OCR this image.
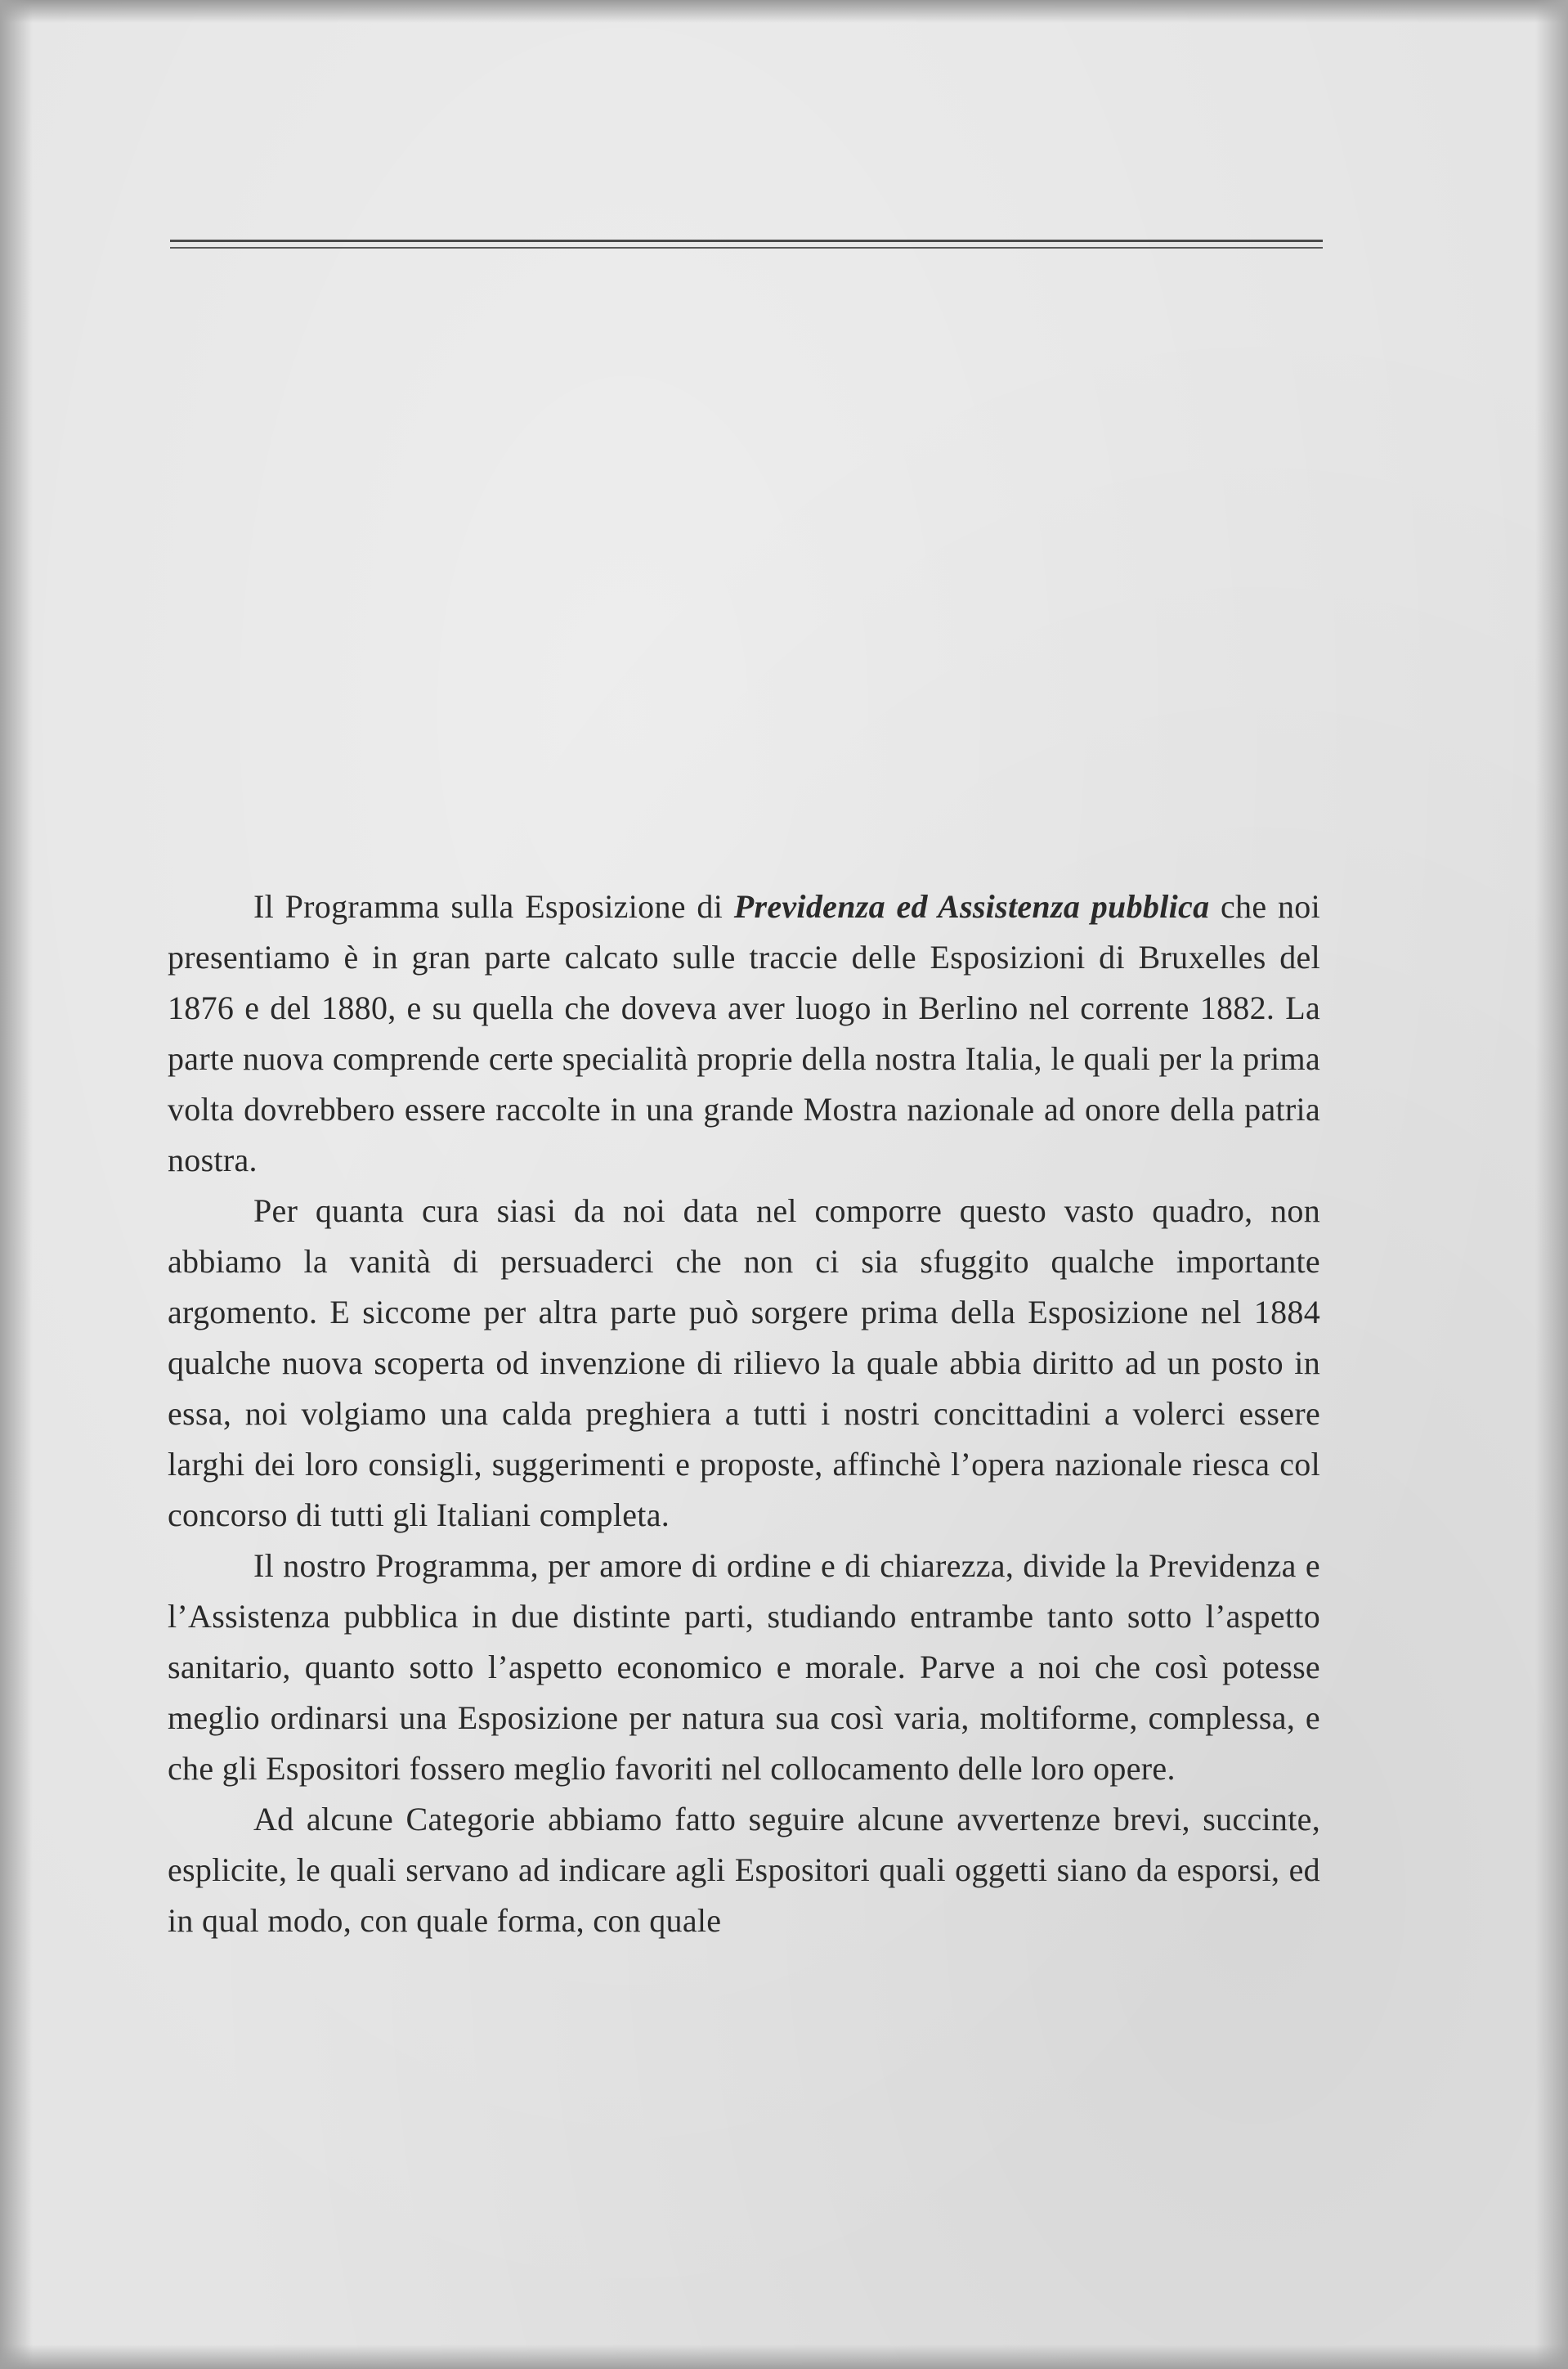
Il Programma sulla Esposizione di Previdenza ed Assistenza pubblica che noi presentiamo è in gran parte calcato sulle traccie delle Esposizioni di Bruxelles del 1876 e del 1880, e su quella che doveva aver luogo in Berlino nel corrente 1882. La parte nuova comprende certe specialità proprie della nostra Italia, le quali per la prima volta dovrebbero essere raccolte in una grande Mostra nazionale ad onore della patria nostra.

Per quanta cura siasi da noi data nel comporre questo vasto quadro, non abbiamo la vanità di persuaderci che non ci sia sfuggito qualche importante argomento. E siccome per altra parte può sorgere prima della Esposizione nel 1884 qualche nuova scoperta od invenzione di rilievo la quale abbia diritto ad un posto in essa, noi volgiamo una calda preghiera a tutti i nostri concittadini a volerci essere larghi dei loro consigli, suggerimenti e proposte, affinchè l’opera nazionale riesca col concorso di tutti gli Italiani completa.

Il nostro Programma, per amore di ordine e di chiarezza, divide la Previdenza e l’Assistenza pubblica in due distinte parti, studiando entrambe tanto sotto l’aspetto sanitario, quanto sotto l’aspetto economico e morale. Parve a noi che così potesse meglio ordinarsi una Esposizione per natura sua così varia, moltiforme, complessa, e che gli Espositori fossero meglio favoriti nel collocamento delle loro opere.

Ad alcune Categorie abbiamo fatto seguire alcune avvertenze brevi, succinte, esplicite, le quali servano ad indicare agli Espositori quali oggetti siano da esporsi, ed in qual modo, con quale forma, con quale
